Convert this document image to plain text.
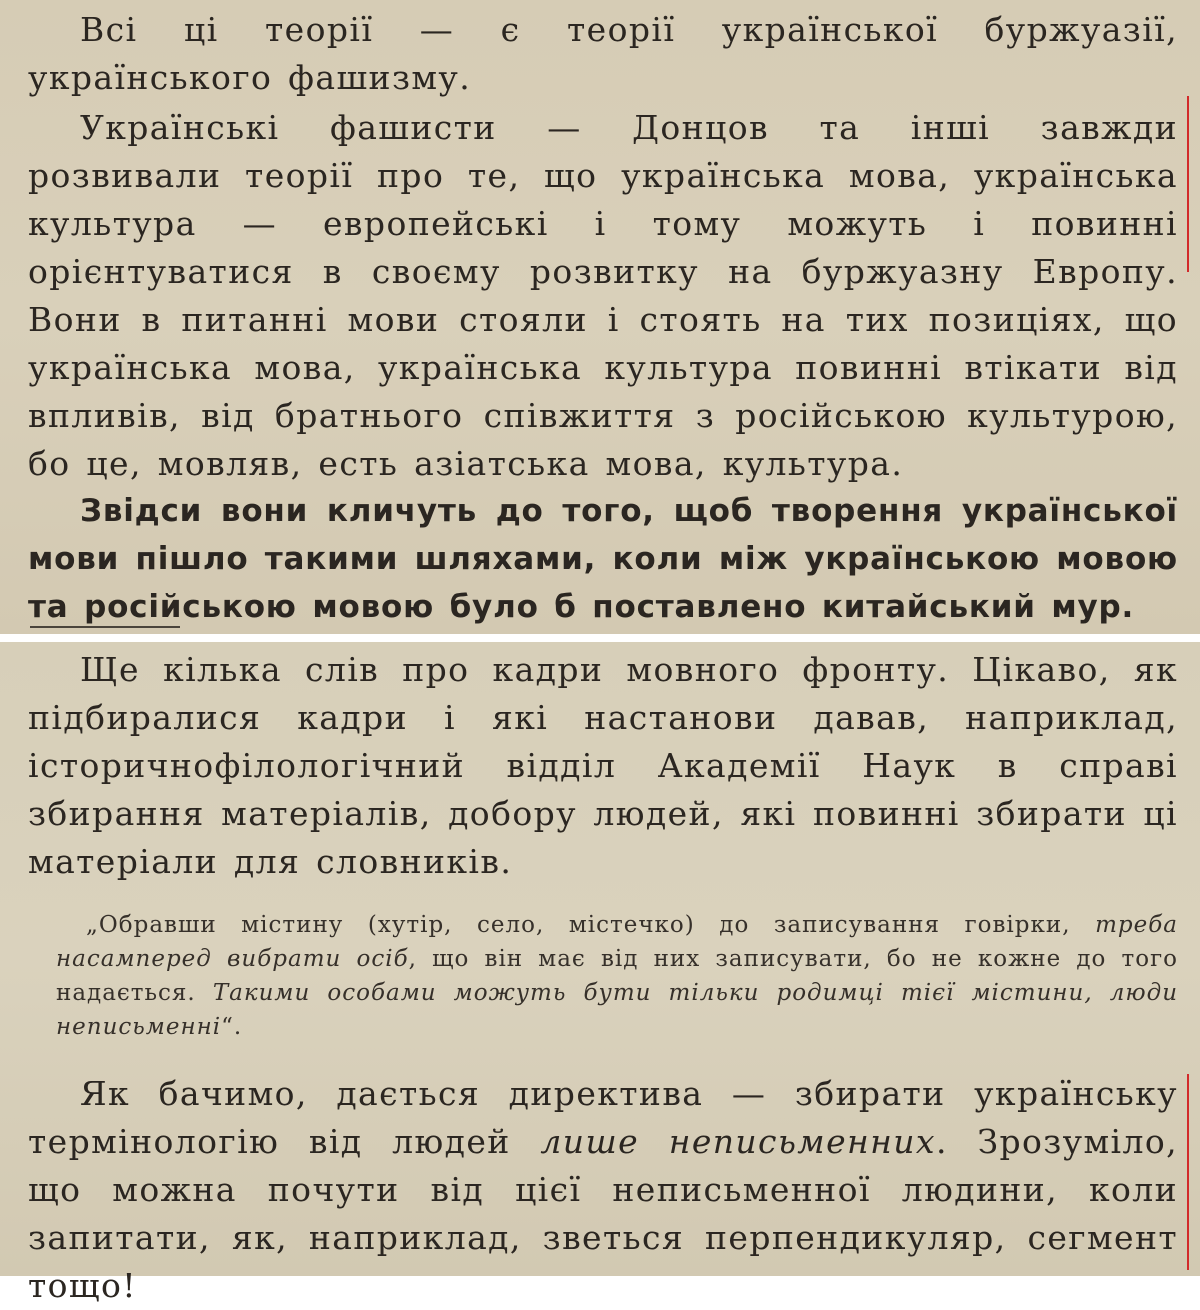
Всі ці теорії — є теорії української буржуазії, українського фашизму.

Українські фашисти — Донцов та інші завжди розвивали теорії про те, що українська мова, українська культура — европейські і тому можуть і повинні орієнтуватися в своєму розвитку на буржуазну Европу. Вони в питанні мови стояли і стоять на тих позиціях, що українська мова, українська культура повинні втікати від впливів, від братнього співжиття з російською культурою, бо це, мовляв, есть азіатська мова, культура.

Звідси вони кличуть до того, щоб творення української мови пішло такими шляхами, коли між українською мовою та російською мовою було б поставлено китайський мур.

Ще кілька слів про кадри мовного фронту. Цікаво, як підбиралися кадри і які настанови давав, наприклад, історичнофілологічний відділ Академії Наук в справі збирання матеріалів, добору людей, які повинні збирати ці матеріали для словників.

„Обравши містину (хутір, село, містечко) до записування говірки, треба насамперед вибрати осіб, що він має від них записувати, бо не кожне до того надається. Такими особами можуть бути тільки родимці тієї містини, люди неписьменні“.

Як бачимо, дається директива — збирати українську термінологію від людей лише неписьменних. Зрозуміло, що можна почути від цієї неписьменної людини, коли запитати, як, наприклад, зветься перпендикуляр, сегмент тощо!
